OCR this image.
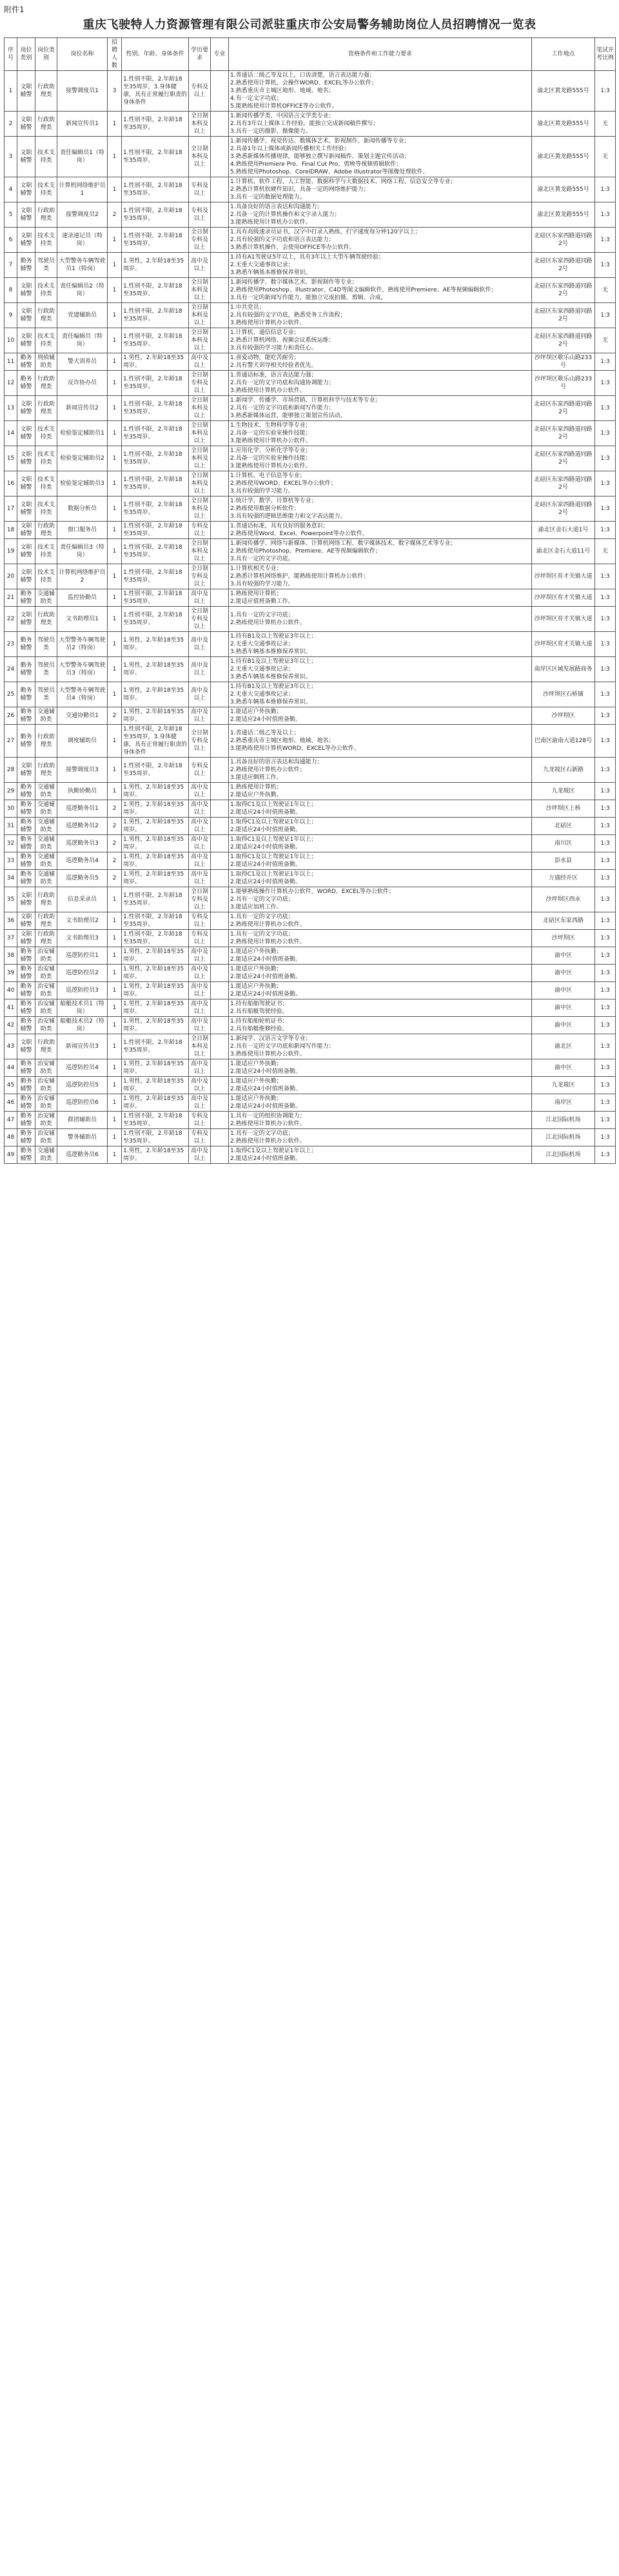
附件1
重庆飞驶特人力资源管理有限公司派驻重庆市公安局警务辅助岗位人员招聘情况一览表
序号	岗位类别	岗位类别	岗位名称	招聘人数	性别、年龄、身体条件	学历要求	专业	资格条件和工作能力要求	工作地点	笔试开考比例
1	文职辅警	行政助理类	接警调度员1	3	1.性别不限，2.年龄18至35周岁，3.身体健康，具有正常履行职责的身体条件	专科及以上		1.普通话二级乙等及以上，口齿清楚，语言表达能力强；
2.熟悉使用计算机，会操作WORD、EXCEL等办公软件；
3.熟悉重庆市主城区地形、地域、地名；
4.有一定文字功底；
5.能熟练使用计算机OFFICE等办公软件。	渝北区黄龙路555号	1:3
2	文职辅警	行政助理类	新闻宣传员1	1	1.性别不限，2.年龄18至35周岁。	全日制本科及以上		1.新闻传播学类、中国语言文学类专业；
2.具有3年以上媒体工作经验，能独立完成新闻稿件撰写；
3.具有一定的摄影、摄像能力。	渝北区黄龙路555号	无
3	文职辅警	技术支持类	责任编辑员1（特岗）	1	1.性别不限，2.年龄18至35周岁。	全日制本科及以上		1.新闻传播学、视觉传达、数媒体艺术、影视制作、新闻传播等专业；
2.具备1年以上媒体或新闻传播相关工作经验；
3.熟悉新媒体传播规律，能够独立撰写新闻稿件、策划主题宣传活动；
4.熟练使用Premiere Pro、Final Cut Pro、剪映等视频剪辑软件；
5.熟练使用Photoshop、CorelDRAW、Adobe Illustrator等图像处理软件。	渝北区黄龙路555号	无
4	文职辅警	技术支持类	计算机网络维护员1	1	1.性别不限，2.年龄18至35周岁。	专科及以上		1.计算机、软件工程、人工智能、数据科学与大数据技术、网络工程、信息安全等专业；
2.熟悉计算机软硬件知识，具备一定的网络维护能力；
3.具有一定的数据处理能力。	渝北区黄龙路555号	1:3
5	文职辅警	行政助理类	接警调度员2	2	1.性别不限，2.年龄18至35周岁。	专科及以上		1.具备良好的语言表达和沟通能力；
2.具备一定的计算机操作和文字录入能力；
3.能熟练使用计算机办公软件。	渝北区黄龙路555号	1:3
6	文职辅警	技术支持类	速录速记员（特岗）	1	1.性别不限，2.年龄18至35周岁。	全日制专科及以上		1.具有高级速录员证书，汉字中打录入熟练，打字速度每分钟120字以上；
2.具有较强的文字功底和语言表达能力；
3.熟悉计算机操作，会使用OFFICE等办公软件。	北碚区东家西路道同路2号	1:3
7	勤务辅警	驾驶员类	大型警务车辆驾驶员1（特岗）	1	1.男性，2.年龄18至35周岁。	高中及以上		1.持有A1驾驶证5年以上，具有3年以上大型车辆驾驶经验；
2.无重大交通事故记录；
3.熟悉车辆基本维修保养常识。	北碚区东家西路道同路2号	1:3
8	文职辅警	技术支持类	责任编辑员2（特岗）	1	1.性别不限，2.年龄18至35周岁。	全日制本科及以上		1.新闻传播学、数字媒体艺术、影视制作等专业；
2.熟练使用Photoshop、Illustrator、C4D等图文编辑软件，熟练使用Premiere、AE等视频编辑软件；
3.具有一定的新闻写作能力，能独立完成拍摄、剪辑、合成。	北碚区东家西路道同路2号	无
9	文职辅警	行政助理类	党建辅助员	1	1.性别不限，2.年龄18至35周岁。	全日制本科及以上		1.中共党员；
2.具有较强的文字功底，熟悉党务工作流程；
3.熟练使用计算机办公软件。	北碚区东家西路道同路2号	1:3
10	文职辅警	技术支持类	责任编辑员（特岗）	1	1.性别不限，2.年龄18至35周岁。	全日制本科及以上		1.计算机、通信信息专业；
2.熟悉计算机网络、视频会议系统运维；
3.具有较强的学习能力和责任心。	北碚区东家西路道同路2号	无
11	勤务辅警	刑侦辅助类	警犬训养员	1	1.男性，2.年龄18至35周岁。	高中及以上		1.喜爱动物，能吃苦耐劳；
2.具有警犬训导相关经验者优先。	沙坪坝区歌乐山路233号	1:3
12	勤务辅警	行政助理类	反诈协办员	1	1.性别不限，2.年龄18至35周岁。	全日制专科及以上		1.普通话标准，语言表达能力强；
2.具有一定的文字功底和沟通协调能力；
3.熟练使用计算机办公软件。	沙坪坝区歌乐山路233号	1:3
13	文职辅警	行政助理类	新闻宣传员2	1	1.性别不限，2.年龄18至35周岁。	全日制本科及以上		1.新闻学、传播学、市场营销、计算机科学与技术等专业；
2.具有一定的文字功底和新闻写作能力；
3.熟悉新媒体运营，能够独立策划宣传活动。	北碚区东家西路道同路2号	1:3
14	文职辅警	技术支持类	检验鉴定辅助员1	1	1.性别不限，2.年龄18至35周岁。	全日制本科及以上		1.生物技术、生物科学等专业；
2.具备一定的实验室操作技能；
3.能熟练使用计算机办公软件。	北碚区东家西路道同路2号	1:3
15	文职辅警	技术支持类	检验鉴定辅助员2	1	1.性别不限，2.年龄18至35周岁。	全日制本科及以上		1.应用化学、分析化学等专业；
2.具备一定的实验室操作技能；
3.能熟练使用计算机办公软件。	北碚区东家西路道同路2号	1:3
16	文职辅警	技术支持类	检验鉴定辅助员3	1	1.性别不限，2.年龄18至35周岁。	全日制本科及以上		1.计算机、电子信息等专业；
2.熟练使用WORD、EXCEL等办公软件；
3.具有较强的学习能力。	北碚区东家西路道同路2号	1:3
17	文职辅警	技术支持类	数据分析员	1	1.性别不限，2.年龄18至35周岁。	全日制本科及以上		1.统计学、数学、计算机等专业；
2.熟练使用数据分析软件；
3.具有较强的逻辑思维能力和文字表达能力。	北碚区东家西路道同路2号	1:3
18	文职辅警	行政助理类	窗口服务员	1	1.性别不限，2.年龄18至35周岁。	专科及以上		1.普通话标准，具有良好的服务意识；
2.熟练使用Word、Excel、Powerpoint等办公软件。	渝北区金石大道1号	1:3
19	文职辅警	技术支持类	责任编辑员3（特岗）	1	1.性别不限，2.年龄18至35周岁。	全日制本科及以上		1.新闻传播学、网络与新媒体、计算机网络工程、数字媒体技术、数字媒体艺术等专业；
2.熟练使用Photoshop、Premiere、AE等视频编辑软件；
3.具有一定的文字功底。	渝北区金石大道11号	无
20	文职辅警	技术支持类	计算机网络维护员2	1	1.性别不限，2.年龄18至35周岁。	全日制专科及以上		1.计算机相关专业；
2.熟悉计算机网络维护，能熟练使用计算机办公软件；
3.具有较强的学习能力。	沙坪坝区育才关镇大道	1:3
21	勤务辅警	交通辅助类	监控协勤员	1	1.性别不限，2.年龄18至35周岁。	高中及以上		1.熟练使用计算机；
2.能适应值班备勤工作。	沙坪坝区育才关镇大道	1:3
22	文职辅警	行政助理类	文书助理员1	1	1.性别不限，2.年龄18至35周岁。	全日制专科及以上		1.具有一定的文字功底；
2.熟练使用计算机办公软件。	沙坪坝区育才关镇大道	1:3
23	勤务辅警	驾驶员类	大型警务车辆驾驶员2（特岗）	1	1.男性，2.年龄18至35周岁。	高中及以上		1.持有B1及以上驾驶证3年以上；
2.无重大交通事故记录；
3.熟悉车辆基本维修保养常识。	沙坪坝区育才关镇大道	1:3
24	勤务辅警	驾驶员类	大型警务车辆驾驶员3（特岗）	1	1.男性，2.年龄18至35周岁。	高中及以上		1.持有B1及以上驾驶证3年以上；
2.无重大交通事故记录；
3.熟悉车辆基本维修保养常识。	南岸区区域发展路商务	1:3
25	勤务辅警	驾驶员类	大型警务车辆驾驶员4（特岗）	1	1.男性，2.年龄18至35周岁。	高中及以上		1.持有B1及以上驾驶证3年以上；
2.无重大交通事故记录；
3.熟悉车辆基本维修保养常识。	沙坪坝区石桥铺	1:3
26	勤务辅警	交通辅助类	交通协勤员1	2	1.男性，2.年龄18至35周岁。	高中及以上		1.能适应户外执勤；
2.能适应24小时值班备勤。	沙坪坝区	1:3
27	勤务辅警	行政助理类	调度辅助员	1	1.性别不限，2.年龄18至35周岁，3.身体健康，具有正常履行职责的身体条件	全日制专科及以上		1.普通话二级乙等及以上；
2.熟悉重庆市主城区地形、地域、地名；
3.能熟练使用计算机WORD、EXCEL等办公软件。	巴南区渝南大道128号	1:3
28	文职辅警	行政助理类	接警调度员3	1	1.性别不限，2.年龄18至35周岁。	专科及以上		1.具备良好的语言表达和沟通能力；
2.熟练使用计算机办公软件；
3.能适应倒班工作。	九龙坡区石新路	1:3
29	勤务辅警	交通辅助类	执勤协勤员	1	1.男性，2.年龄18至35周岁。	高中及以上		1.熟练使用计算机；
2.能适应户外执勤。	九龙坡区	1:3
30	勤务辅警	交通辅助类	巡逻勤务员1	2	1.男性，2.年龄18至35周岁。	高中及以上		1.取得C1及以上驾驶证1年以上；
2.能适应24小时值班备勤。	沙坪坝区上桥	1:3
31	勤务辅警	交通辅助类	巡逻勤务员2	2	1.男性，2.年龄18至35周岁。	高中及以上		1.取得C1及以上驾驶证1年以上；
2.能适应24小时值班备勤。	北碚区	1:3
32	勤务辅警	交通辅助类	巡逻勤务员3	2	1.男性，2.年龄18至35周岁。	高中及以上		1.取得C1及以上驾驶证1年以上；
2.能适应24小时值班备勤。	南川区	1:3
33	勤务辅警	交通辅助类	巡逻勤务员4	2	1.男性，2.年龄18至35周岁。	高中及以上		1.取得C1及以上驾驶证1年以上；
2.能适应24小时值班备勤。	彭水县	1:3
34	勤务辅警	交通辅助类	巡逻勤务员5	2	1.男性，2.年龄18至35周岁。	高中及以上		1.取得C1及以上驾驶证1年以上；
2.能适应24小时值班备勤。	万盛经开区	1:3
35	文职辅警	行政助理类	信息采录员	1	1.性别不限，2.年龄18至35周岁。	全日制专科及以上		1.能够熟练操作计算机办公软件，WORD、EXCEL等办公软件；
2.具有一定的文字功底；
3.能适应加班工作。	沙坪坝区西永	1:3
36	文职辅警	行政助理类	文书助理员2	1	1.性别不限，2.年龄18至35周岁。	专科及以上		1.具有一定的文字功底；
2.熟练使用计算机办公软件。	北碚区东家西路	1:3
37	文职辅警	行政助理类	文书助理员3	1	1.性别不限，2.年龄18至35周岁。	专科及以上		1.具有一定的文字功底；
2.熟练使用计算机办公软件。	沙坪坝区	1:3
38	勤务辅警	治安辅助类	巡逻防控员1	1	1.男性，2.年龄18至35周岁。	高中及以上		1.能适应户外执勤；
2.能适应24小时值班备勤。	渝中区	1:3
39	勤务辅警	治安辅助类	巡逻防控员2	1	1.男性，2.年龄18至35周岁。	高中及以上		1.能适应户外执勤；
2.能适应24小时值班备勤。	渝中区	1:3
40	勤务辅警	治安辅助类	巡逻防控员3	1	1.男性，2.年龄18至35周岁。	高中及以上		1.能适应户外执勤；
2.能适应24小时值班备勤。	渝中区	1:3
41	勤务辅警	治安辅助类	船艇技术员1（特岗）	1	1.男性，2.年龄18至35周岁。	高中及以上		1.持有船舶驾驶证书；
2.具有船艇驾驶经验。	渝中区	1:3
42	勤务辅警	治安辅助类	船艇技术员2（特岗）	1	1.男性，2.年龄18至35周岁。	高中及以上		1.持有船舶轮机证书；
2.具有船艇维修经验。	渝中区	1:3
43	文职辅警	行政助理类	新闻宣传员3	1	1.性别不限，2.年龄18至35周岁。	全日制本科及以上		1.新闻学、汉语言文学等专业；
2.具有一定的文字功底和新闻写作能力；
3.熟练使用计算机办公软件。	渝北区	1:3
44	勤务辅警	治安辅助类	巡逻防控员4	1	1.男性，2.年龄18至35周岁。	高中及以上		1.能适应户外执勤；
2.能适应24小时值班备勤。	渝中区	1:3
45	勤务辅警	治安辅助类	巡逻防控员5	1	1.男性，2.年龄18至35周岁。	高中及以上		1.能适应户外执勤；
2.能适应24小时值班备勤。	九龙坡区	1:3
46	勤务辅警	治安辅助类	巡逻防控员6	1	1.男性，2.年龄18至35周岁。	高中及以上		1.能适应户外执勤；
2.能适应24小时值班备勤。	南岸区	1:3
47	勤务辅警	治安辅助类	群团辅助员	1	1.性别不限，2.年龄18至35周岁。	专科及以上		1.具有一定的组织协调能力；
2.熟练使用计算机办公软件。	江北国际机场	1:3
48	勤务辅警	治安辅助类	警务辅助员	1	1.性别不限，2.年龄18至35周岁。	专科及以上		1.具有一定的文字功底；
2.熟练使用计算机办公软件。	江北国际机场	1:3
49	勤务辅警	交通辅助类	巡逻勤务员6	1	1.男性，2.年龄18至35周岁。	高中及以上		1.取得C1及以上驾驶证1年以上；
2.能适应24小时值班备勤。	江北国际机场	1:3
